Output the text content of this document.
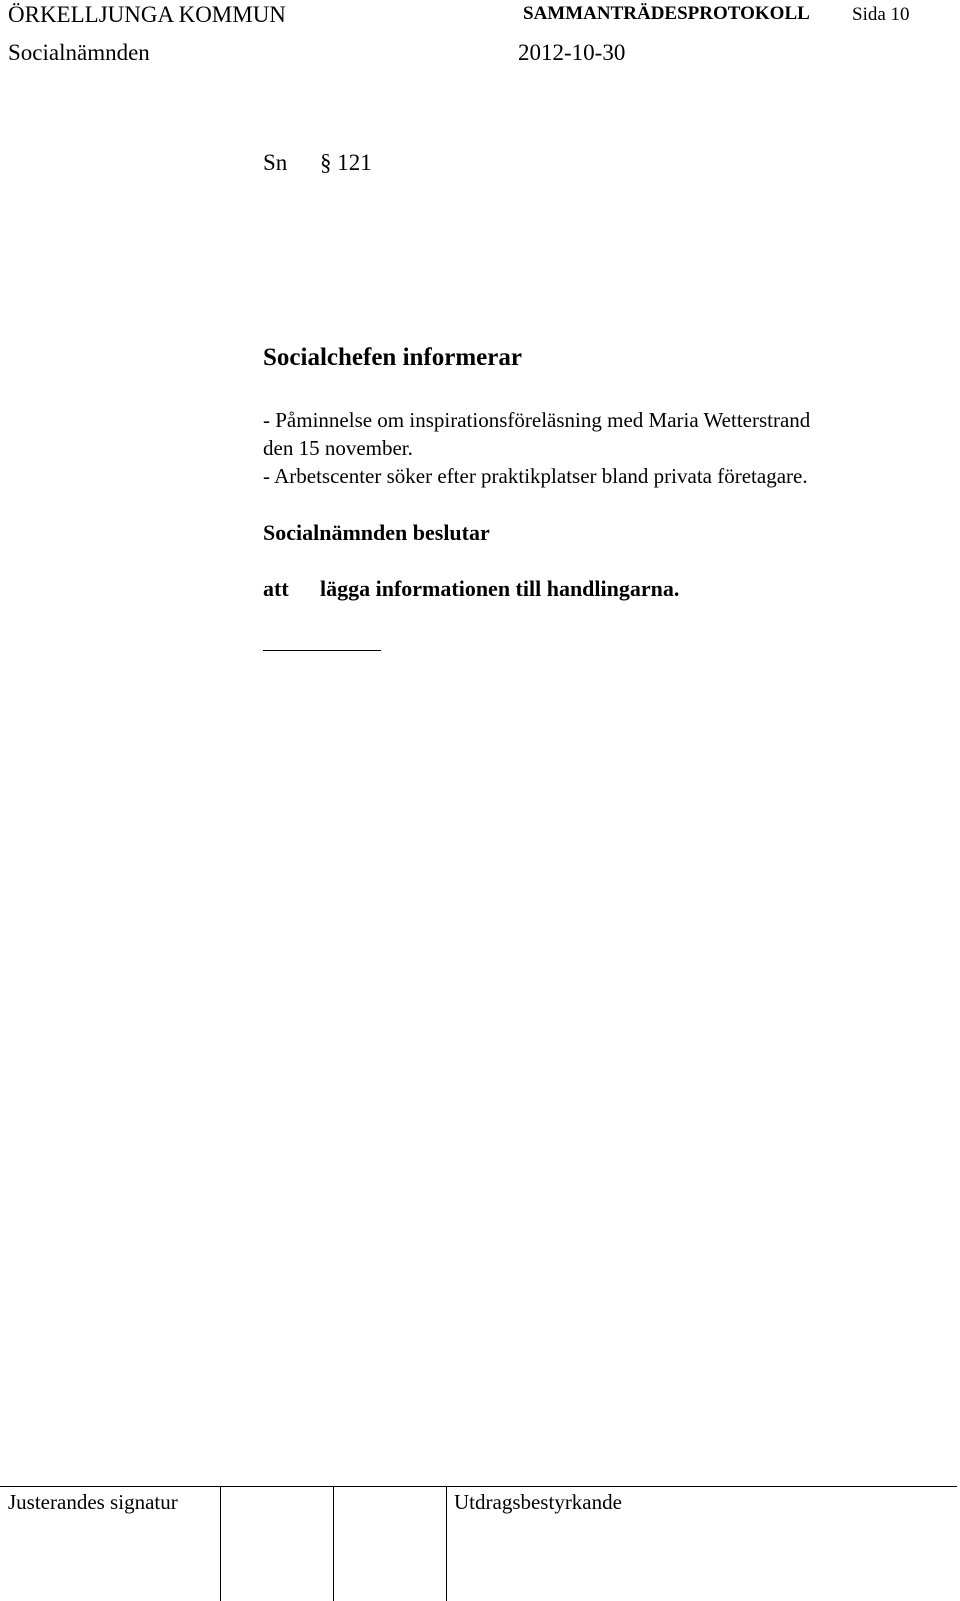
ÖRKELLJUNGA KOMMUN	SAMMANTRÄDESPROTOKOLL Sida 10
Socialnämnden	2012-10-30
Sn § 121
Socialchefen informerar
- Påminnelse om inspirationsföreläsning med Maria Wetterstrand
den 15 november.
- Arbetscenter söker efter praktikplatser bland privata företagare.
Socialnämnden beslutar
att lägga informationen till handlingarna.
Justerandes signatur	Utdragsbestyrkande
